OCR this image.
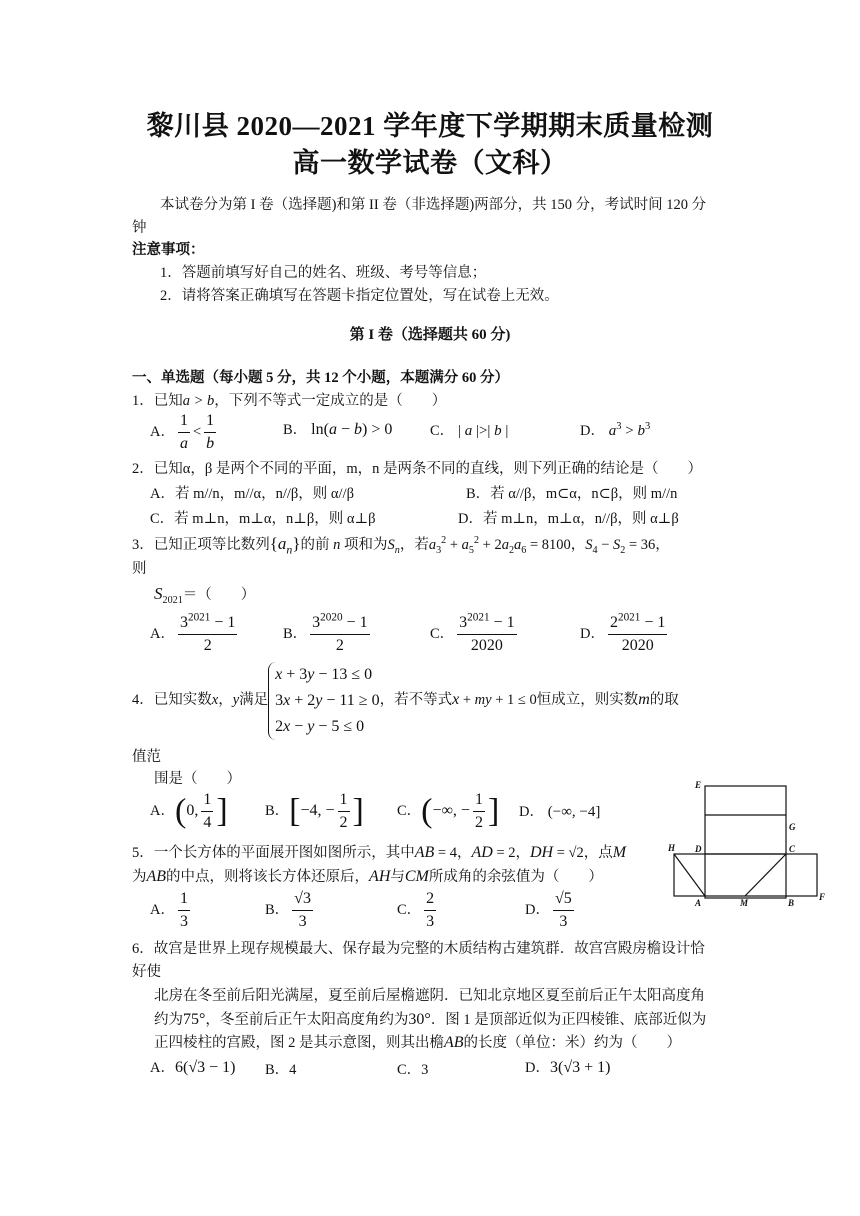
黎川县 2020—2021 学年度下学期期末质量检测
高一数学试卷（文科）
本试卷分为第 I 卷（选择题)和第 II 卷（非选择题)两部分，共 150 分，考试时间 120 分
钟
注意事项：
1．答题前填写好自己的姓名、班级、考号等信息；
2．请将答案正确填写在答题卡指定位置处，写在试卷上无效。
第 I 卷（选择题共 60 分)
一、单选题（每小题 5 分，共 12 个小题，本题满分 60 分）
1．已知a > b，下列不等式一定成立的是（　　）
A． $\frac{1}{a} < \frac{1}{b}$	B． ln(a − b) > 0	C． | a |>| b |	D． $a^3 > b^3$
2．已知α，β 是两个不同的平面，m，n 是两条不同的直线，则下列正确的结论是（　　）
A．若 m//n，m//α，n//β，则 α//β	B．若 α//β，m⊂α，n⊂β，则 m//n
C．若 m⊥n，m⊥α，n⊥β，则 α⊥β	D．若 m⊥n，m⊥α，n//β，则 α⊥β
3．已知正项等比数列$\{a_n\}$的前 n 项和为$S_n$，若$a_3^2 + a_5^2 + 2a_2a_6 = 8100$，$S_4 - S_2 = 36$，
则
$S_{2021}=$（　　）
A． $\frac{3^{2021} - 1}{2}$	B． $\frac{3^{2020} - 1}{2}$	C． $\frac{3^{2021} - 1}{2020}$	D． $\frac{2^{2021} - 1}{2020}$
4．已知实数x，y满足
x + 3y − 13 ≤ 0
3x + 2y − 11 ≥ 0
2x − y − 5 ≤ 0
，若不等式x + my + 1 ≤ 0恒成立，则实数m的取
值范
围是（　　）
A．(0, $\frac{1}{4}$ ]	B．[−4, − $\frac{1}{2}$ ] C．(−∞, − $\frac{1}{2}$ ] D． (−∞, −4]
5．一个长方体的平面展开图如图所示，其中AB = 4，AD = 2，DH = √2，点M
为AB的中点，则将该长方体还原后，AH与CM所成角的余弦值为（　　）
A． $\frac{1}{3}$	B． $\frac{√3}{3}$	C． $\frac{2}{3}$	D． $\frac{√5}{3}$
E
G
H D	C
A	M	B
F
6．故宫是世界上现存规模最大、保存最为完整的木质结构古建筑群．故宫宫殿房檐设计恰
好使
北房在冬至前后阳光满屋，夏至前后屋檐遮阴．已知北京地区夏至前后正午太阳高度角
约为75°，冬至前后正午太阳高度角约为30°．图 1 是顶部近似为正四棱锥、底部近似为
正四棱柱的宫殿，图 2 是其示意图，则其出檐AB的长度（单位：米）约为（　　）
A．6(√3 − 1) B．4	C．3	D．3(√3 + 1)
